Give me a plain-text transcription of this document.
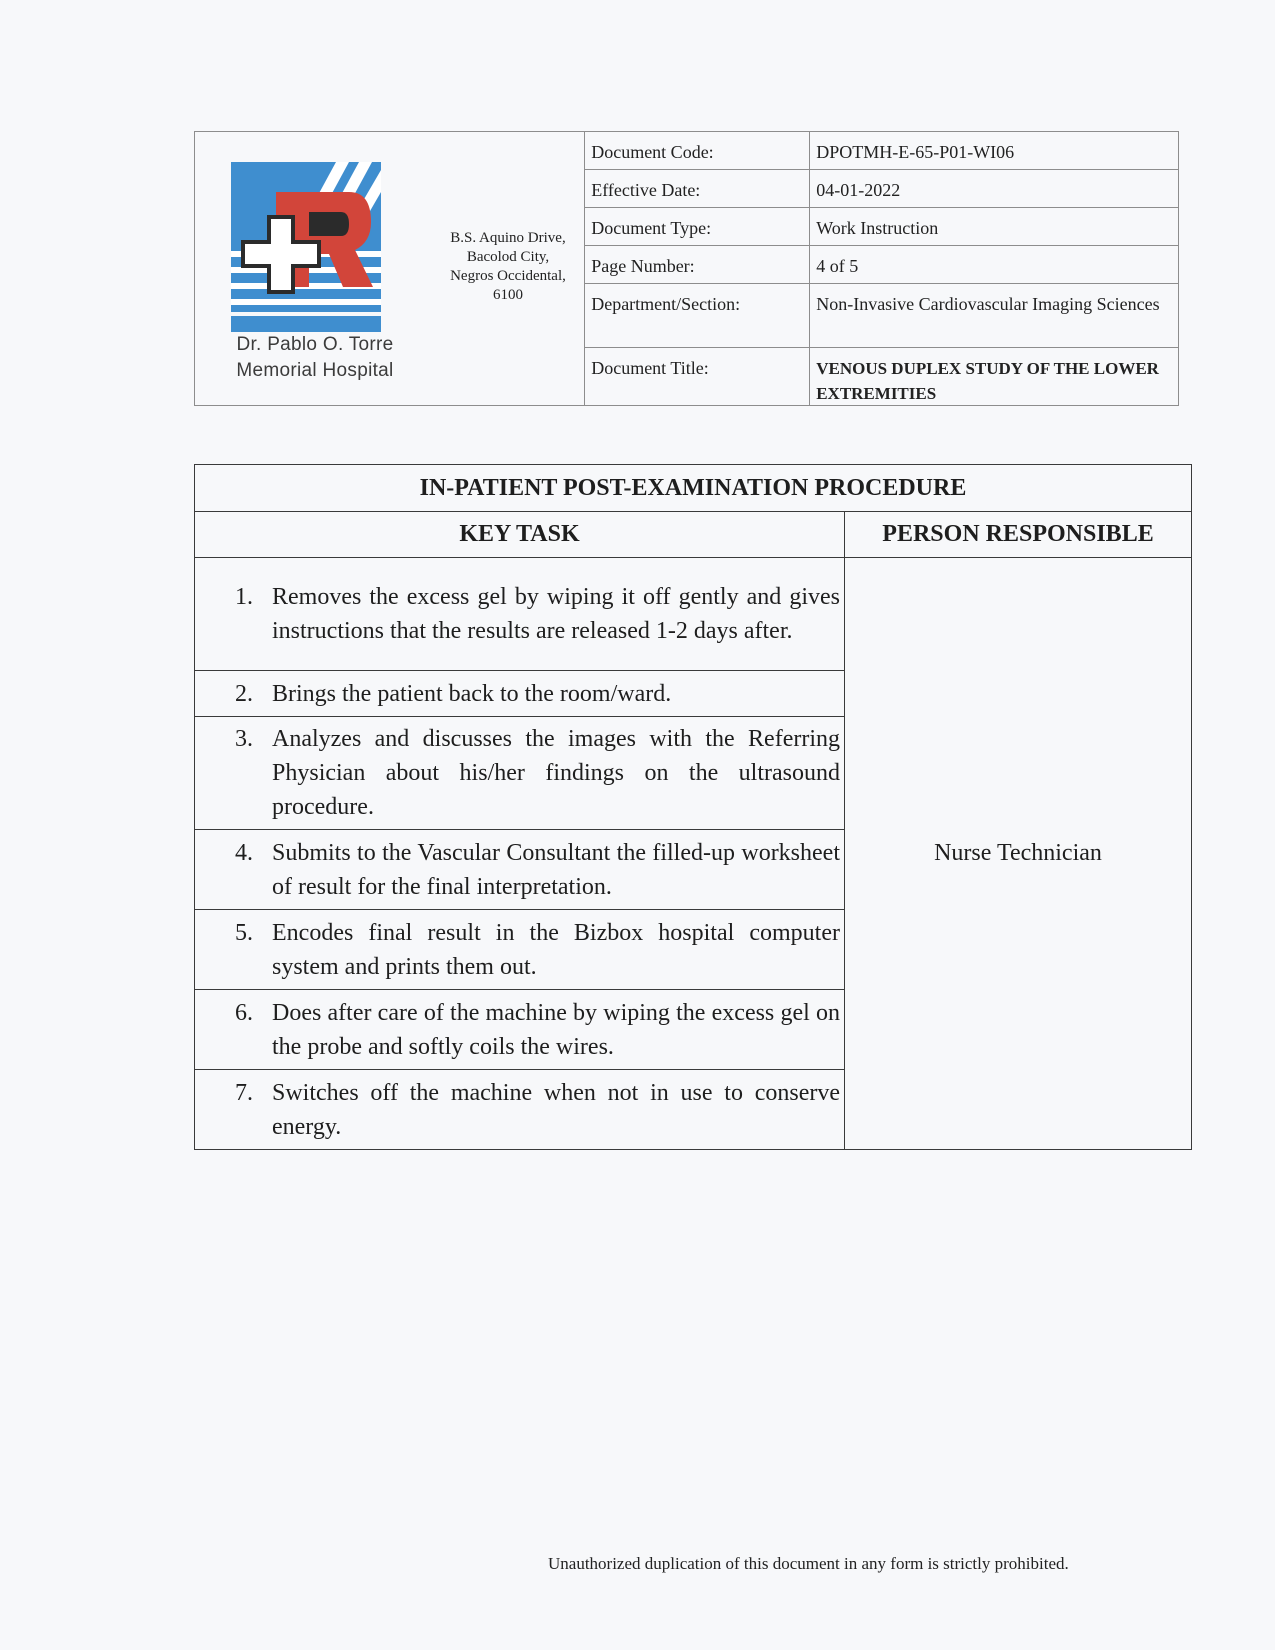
Dr. Pablo O. Torre
Memorial Hospital
B.S. Aquino Drive,
Bacolod City,
Negros Occidental,
6100
Document Code:	DPOTMH-E-65-P01-WI06
Effective Date:	04-01-2022
Document Type:	Work Instruction
Page Number:	4 of 5
Department/Section:	Non-Invasive Cardiovascular Imaging Sciences
Document Title:	VENOUS DUPLEX STUDY OF THE LOWER EXTREMITIES
IN-PATIENT POST-EXAMINATION PROCEDURE	
KEY TASK	PERSON RESPONSIBLE

1. Removes the excess gel by wiping it off gently and gives instructions that the results are released 1-2 days after.	Nurse Technician

2. Brings the patient back to the room/ward.	

3. Analyzes and discusses the images with the Referring Physician about his/her findings on the ultrasound procedure.	

4. Submits to the Vascular Consultant the filled-up worksheet of result for the final interpretation.	

5. Encodes final result in the Bizbox hospital computer system and prints them out.	

6. Does after care of the machine by wiping the excess gel on the probe and softly coils the wires.	

7. Switches off the machine when not in use to conserve energy.	
Unauthorized duplication of this document in any form is strictly prohibited.
